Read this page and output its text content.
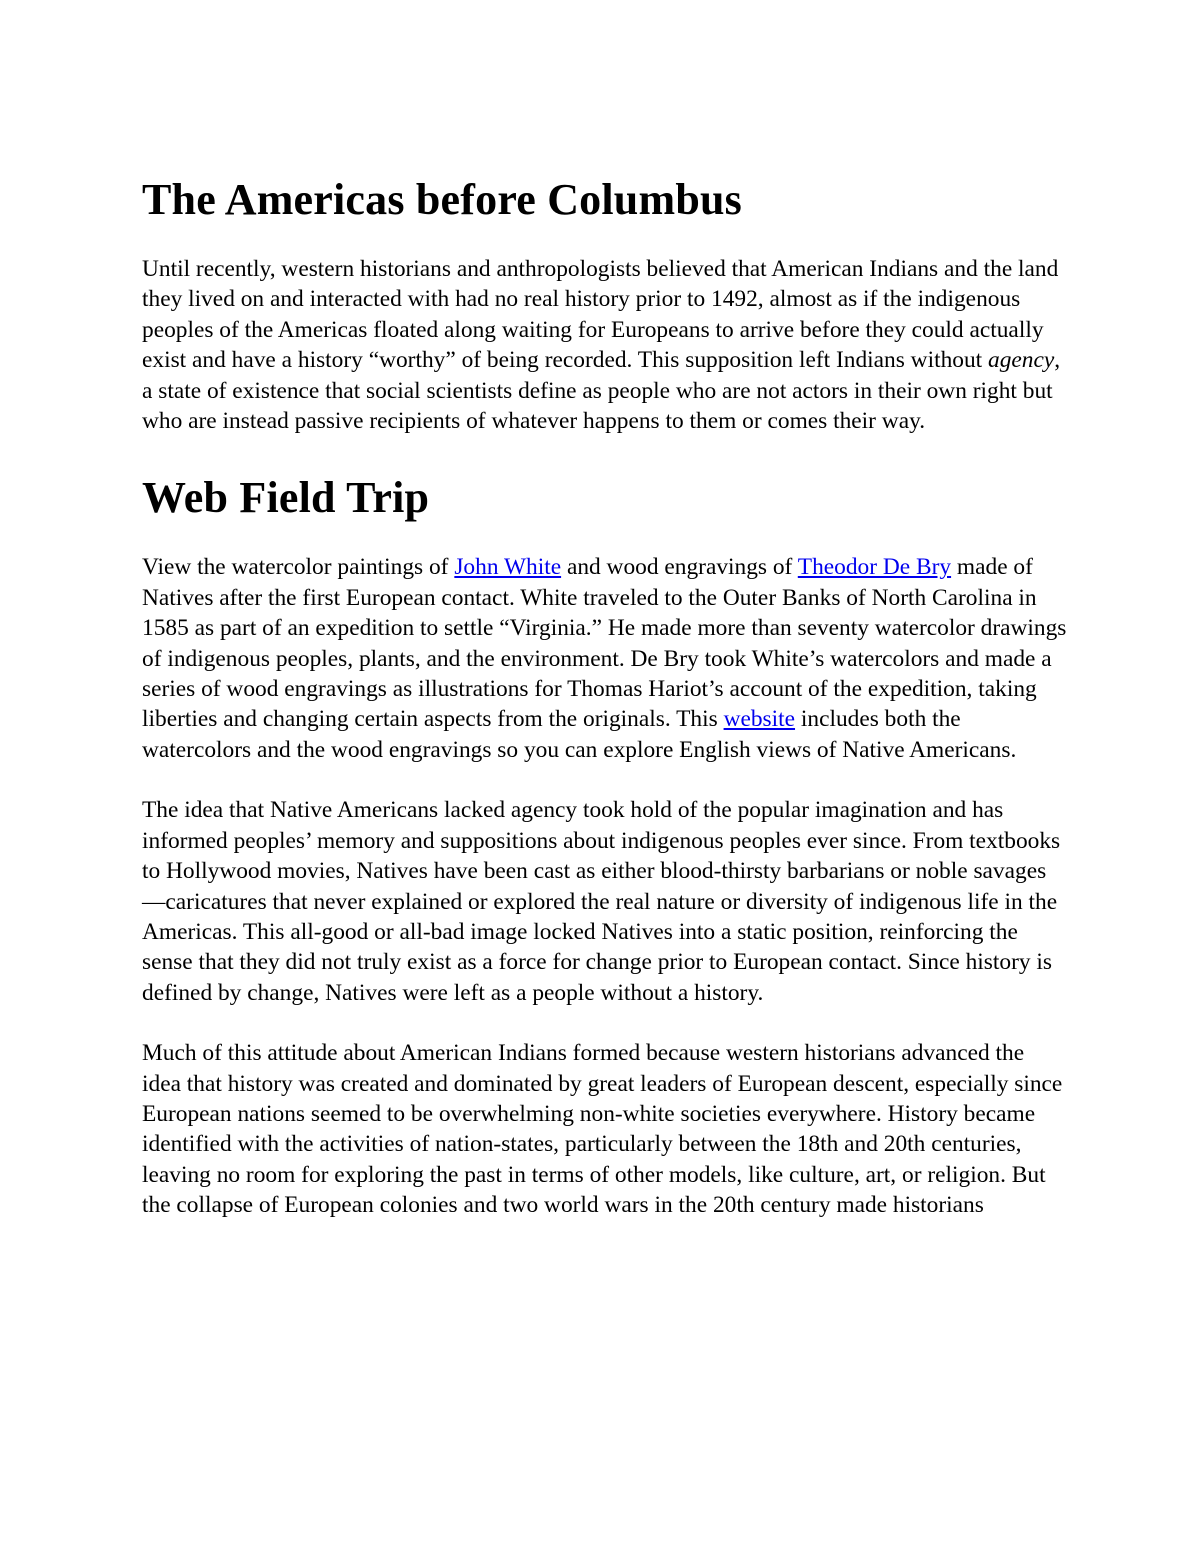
The Americas before Columbus

Until recently, western historians and anthropologists believed that American Indians and the land they lived on and interacted with had no real history prior to 1492, almost as if the indigenous peoples of the Americas floated along waiting for Europeans to arrive before they could actually exist and have a history “worthy” of being recorded. This supposition left Indians without agency, a state of existence that social scientists define as people who are not actors in their own right but who are instead passive recipients of whatever happens to them or comes their way.

Web Field Trip

View the watercolor paintings of John White and wood engravings of Theodor De Bry made of Natives after the first European contact. White traveled to the Outer Banks of North Carolina in 1585 as part of an expedition to settle “Virginia.” He made more than seventy watercolor drawings of indigenous peoples, plants, and the environment. De Bry took White’s watercolors and made a series of wood engravings as illustrations for Thomas Hariot’s account of the expedition, taking liberties and changing certain aspects from the originals. This website includes both the watercolors and the wood engravings so you can explore English views of Native Americans.

The idea that Native Americans lacked agency took hold of the popular imagination and has informed peoples’ memory and suppositions about indigenous peoples ever since. From textbooks to Hollywood movies, Natives have been cast as either blood-thirsty barbarians or noble savages—caricatures that never explained or explored the real nature or diversity of indigenous life in the Americas. This all-good or all-bad image locked Natives into a static position, reinforcing the sense that they did not truly exist as a force for change prior to European contact. Since history is defined by change, Natives were left as a people without a history.

Much of this attitude about American Indians formed because western historians advanced the idea that history was created and dominated by great leaders of European descent, especially since European nations seemed to be overwhelming non-white societies everywhere. History became identified with the activities of nation-states, particularly between the 18th and 20th centuries, leaving no room for exploring the past in terms of other models, like culture, art, or religion. But the collapse of European colonies and two world wars in the 20th century made historians
